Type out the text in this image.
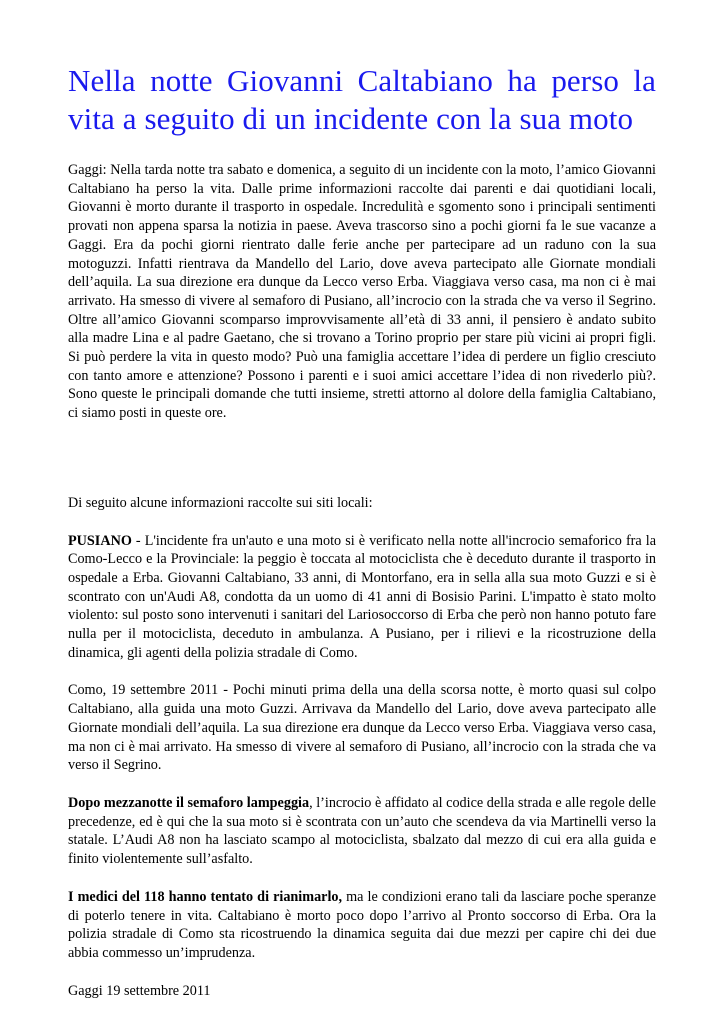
Nella notte Giovanni Caltabiano ha perso la vita a seguito di un incidente con la sua moto

Gaggi: Nella tarda notte tra sabato e domenica, a seguito di un incidente con la moto, l’amico Giovanni Caltabiano ha perso la vita. Dalle prime informazioni raccolte dai parenti e dai quotidiani locali, Giovanni è morto durante il trasporto in ospedale. Incredulità e sgomento sono i principali sentimenti provati non appena sparsa la notizia in paese. Aveva trascorso sino a pochi giorni fa le sue vacanze a Gaggi. Era da pochi giorni rientrato dalle ferie anche per partecipare ad un raduno con la sua motoguzzi. Infatti rientrava da Mandello del Lario, dove aveva partecipato alle Giornate mondiali dell’aquila. La sua direzione era dunque da Lecco verso Erba. Viaggiava verso casa, ma non ci è mai arrivato. Ha smesso di vivere al semaforo di Pusiano, all’incrocio con la strada che va verso il Segrino. Oltre all’amico Giovanni scomparso improvvisamente all’età di 33 anni, il pensiero è andato subito alla madre Lina e al padre Gaetano, che si trovano a Torino proprio per stare più vicini ai propri figli. Si può perdere la vita in questo modo? Può una famiglia accettare l’idea di perdere un figlio cresciuto con tanto amore e attenzione? Possono i parenti e i suoi amici accettare l’idea di non rivederlo più?. Sono queste le principali domande che tutti insieme, stretti attorno al dolore della famiglia Caltabiano, ci siamo posti in queste ore.

Di seguito alcune informazioni raccolte sui siti locali:

PUSIANO - L'incidente fra un'auto e una moto si è verificato nella notte all'incrocio semaforico fra la Como-Lecco e la Provinciale: la peggio è toccata al motociclista che è deceduto durante il trasporto in ospedale a Erba. Giovanni Caltabiano, 33 anni, di Montorfano, era in sella alla sua moto Guzzi e si è scontrato con un'Audi A8, condotta da un uomo di 41 anni di Bosisio Parini. L'impatto è stato molto violento: sul posto sono intervenuti i sanitari del Lariosoccorso di Erba che però non hanno potuto fare nulla per il motociclista, deceduto in ambulanza. A Pusiano, per i rilievi e la ricostruzione della dinamica, gli agenti della polizia stradale di Como.

Como, 19 settembre 2011 - Pochi minuti prima della una della scorsa notte, è morto quasi sul colpo Caltabiano, alla guida una moto Guzzi. Arrivava da Mandello del Lario, dove aveva partecipato alle Giornate mondiali dell’aquila. La sua direzione era dunque da Lecco verso Erba. Viaggiava verso casa, ma non ci è mai arrivato. Ha smesso di vivere al semaforo di Pusiano, all’incrocio con la strada che va verso il Segrino.

Dopo mezzanotte il semaforo lampeggia, l’incrocio è affidato al codice della strada e alle regole delle precedenze, ed è qui che la sua moto si è scontrata con un’auto che scendeva da via Martinelli verso la statale. L’Audi A8 non ha lasciato scampo al motociclista, sbalzato dal mezzo di cui era alla guida e finito violentemente sull’asfalto.

I medici del 118 hanno tentato di rianimarlo, ma le condizioni erano tali da lasciare poche speranze di poterlo tenere in vita. Caltabiano è morto poco dopo l’arrivo al Pronto soccorso di Erba. Ora la polizia stradale di Como sta ricostruendo la dinamica seguita dai due mezzi per capire chi dei due abbia commesso un’imprudenza.

Gaggi 19 settembre 2011
